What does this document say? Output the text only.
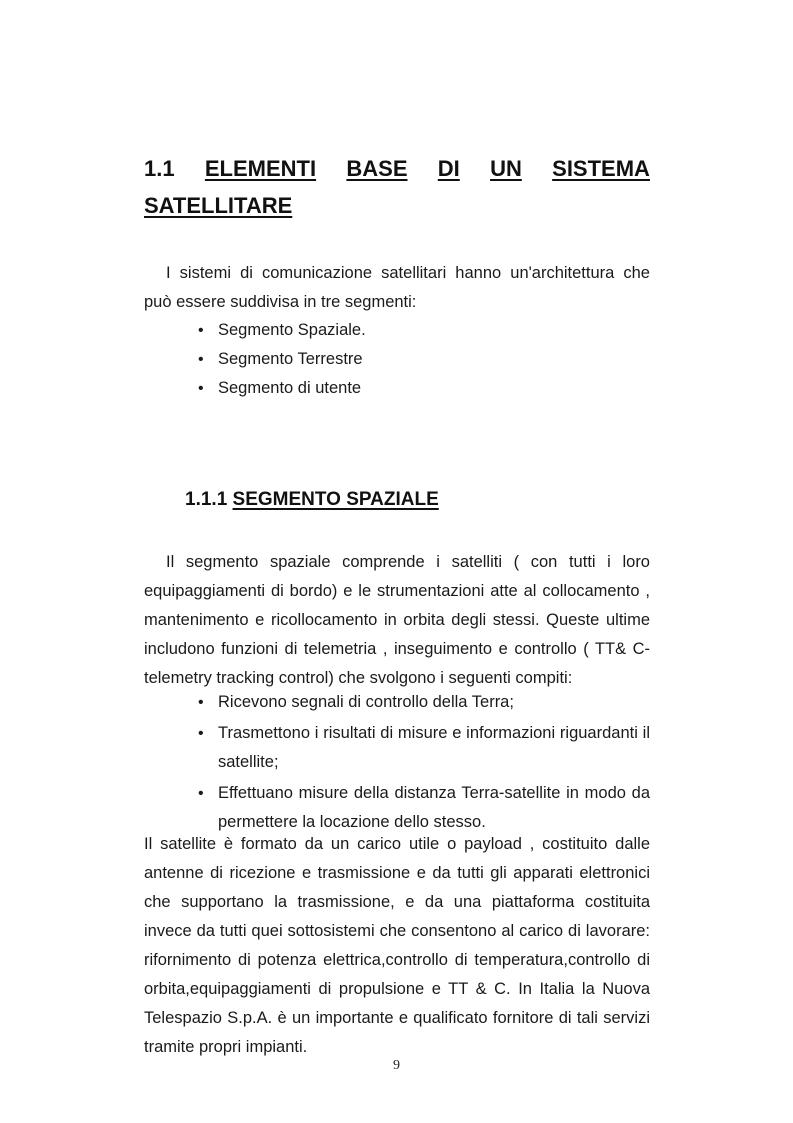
1.1 ELEMENTI BASE DI UN SISTEMA
SATELLITARE

I sistemi di comunicazione satellitari hanno un'architettura che può essere suddivisa in tre segmenti:

• Segmento Spaziale.
• Segmento Terrestre
• Segmento di utente
1.1.1 SEGMENTO SPAZIALE

Il segmento spaziale comprende i satelliti ( con tutti i loro equipaggiamenti di bordo) e le strumentazioni atte al collocamento , mantenimento e ricollocamento in orbita degli stessi. Queste ultime includono funzioni di telemetria , inseguimento e controllo ( TT& C-telemetry tracking control) che svolgono i seguenti compiti:

• Ricevono segnali di controllo della Terra;
• Trasmettono i risultati di misure e informazioni riguardanti il satellite;
• Effettuano misure della distanza Terra-satellite in modo da permettere la locazione dello stesso.

Il satellite è formato da un carico utile o payload , costituito dalle antenne di ricezione e trasmissione e da tutti gli apparati elettronici che supportano la trasmissione, e da una piattaforma costituita invece da tutti quei sottosistemi che consentono al carico di lavorare: rifornimento di potenza elettrica,controllo di temperatura,controllo di orbita,equipaggiamenti di propulsione e TT & C. In Italia la Nuova Telespazio S.p.A. è un importante e qualificato fornitore di tali servizi tramite propri impianti.

9
